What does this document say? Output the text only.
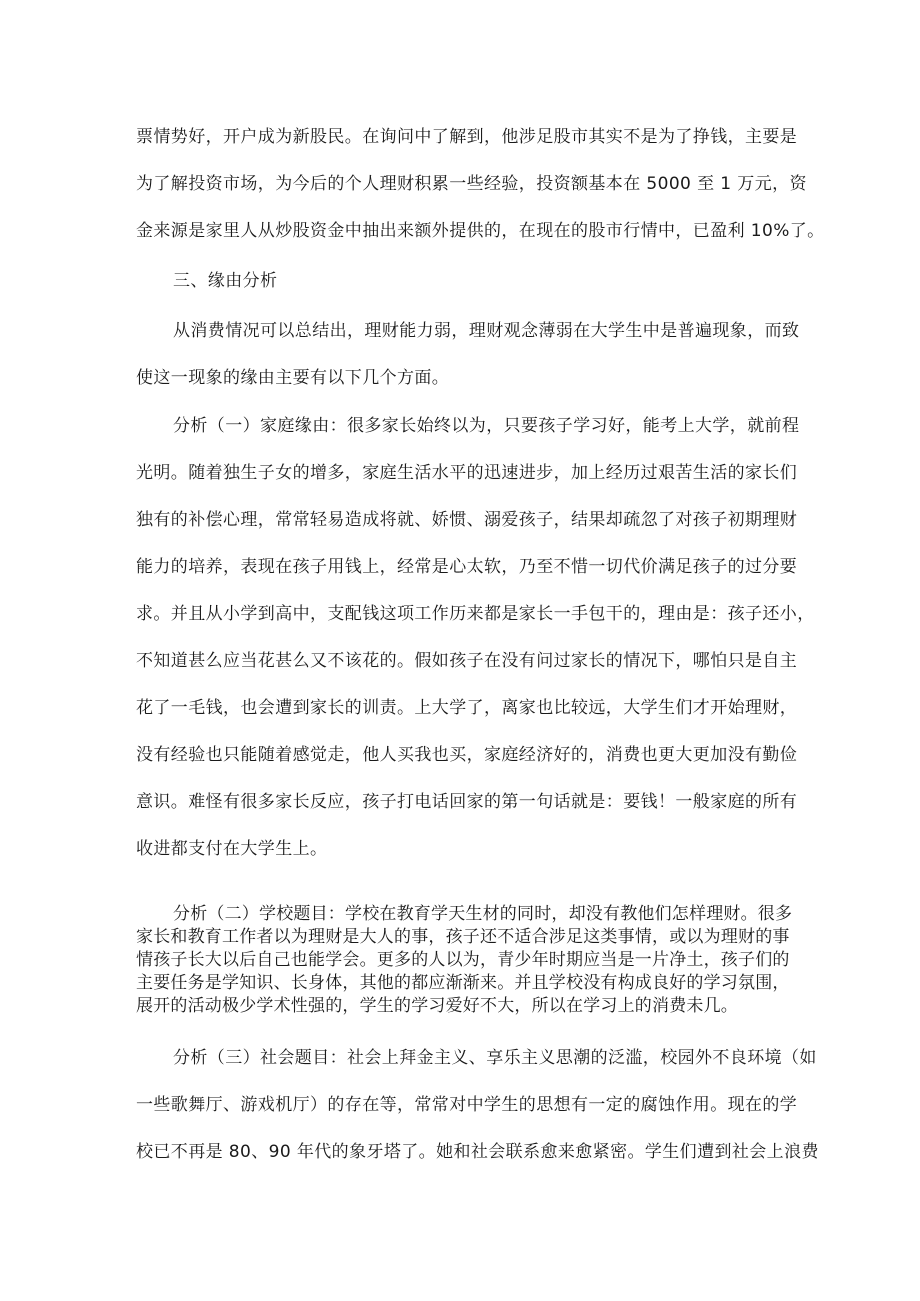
票情势好，开户成为新股民。在询问中了解到，他涉足股市其实不是为了挣钱，主要是
为了解投资市场，为今后的个人理财积累一些经验，投资额基本在 5000 至 1 万元，资
金来源是家里人从炒股资金中抽出来额外提供的，在现在的股市行情中，已盈利 10%了。
三、缘由分析
从消费情况可以总结出，理财能力弱，理财观念薄弱在大学生中是普遍现象，而致
使这一现象的缘由主要有以下几个方面。
分析（一）家庭缘由：很多家长始终以为，只要孩子学习好，能考上大学，就前程
光明。随着独生子女的增多，家庭生活水平的迅速进步，加上经历过艰苦生活的家长们
独有的补偿心理，常常轻易造成将就、娇惯、溺爱孩子，结果却疏忽了对孩子初期理财
能力的培养，表现在孩子用钱上，经常是心太软，乃至不惜一切代价满足孩子的过分要
求。并且从小学到高中，支配钱这项工作历来都是家长一手包干的，理由是：孩子还小，
不知道甚么应当花甚么又不该花的。假如孩子在没有问过家长的情况下，哪怕只是自主
花了一毛钱，也会遭到家长的训责。上大学了，离家也比较远，大学生们才开始理财，
没有经验也只能随着感觉走，他人买我也买，家庭经济好的，消费也更大更加没有勤俭
意识。难怪有很多家长反应，孩子打电话回家的第一句话就是：要钱！一般家庭的所有
收进都支付在大学生上。
分析（二）学校题目：学校在教育学天生材的同时，却没有教他们怎样理财。很多
家长和教育工作者以为理财是大人的事，孩子还不适合涉足这类事情，或以为理财的事
情孩子长大以后自己也能学会。更多的人以为，青少年时期应当是一片净土，孩子们的
主要任务是学知识、长身体，其他的都应渐渐来。并且学校没有构成良好的学习氛围，
展开的活动极少学术性强的，学生的学习爱好不大，所以在学习上的消费未几。
分析（三）社会题目：社会上拜金主义、享乐主义思潮的泛滥，校园外不良环境（如
一些歌舞厅、游戏机厅）的存在等，常常对中学生的思想有一定的腐蚀作用。现在的学
校已不再是 80、90 年代的象牙塔了。她和社会联系愈来愈紧密。学生们遭到社会上浪费
